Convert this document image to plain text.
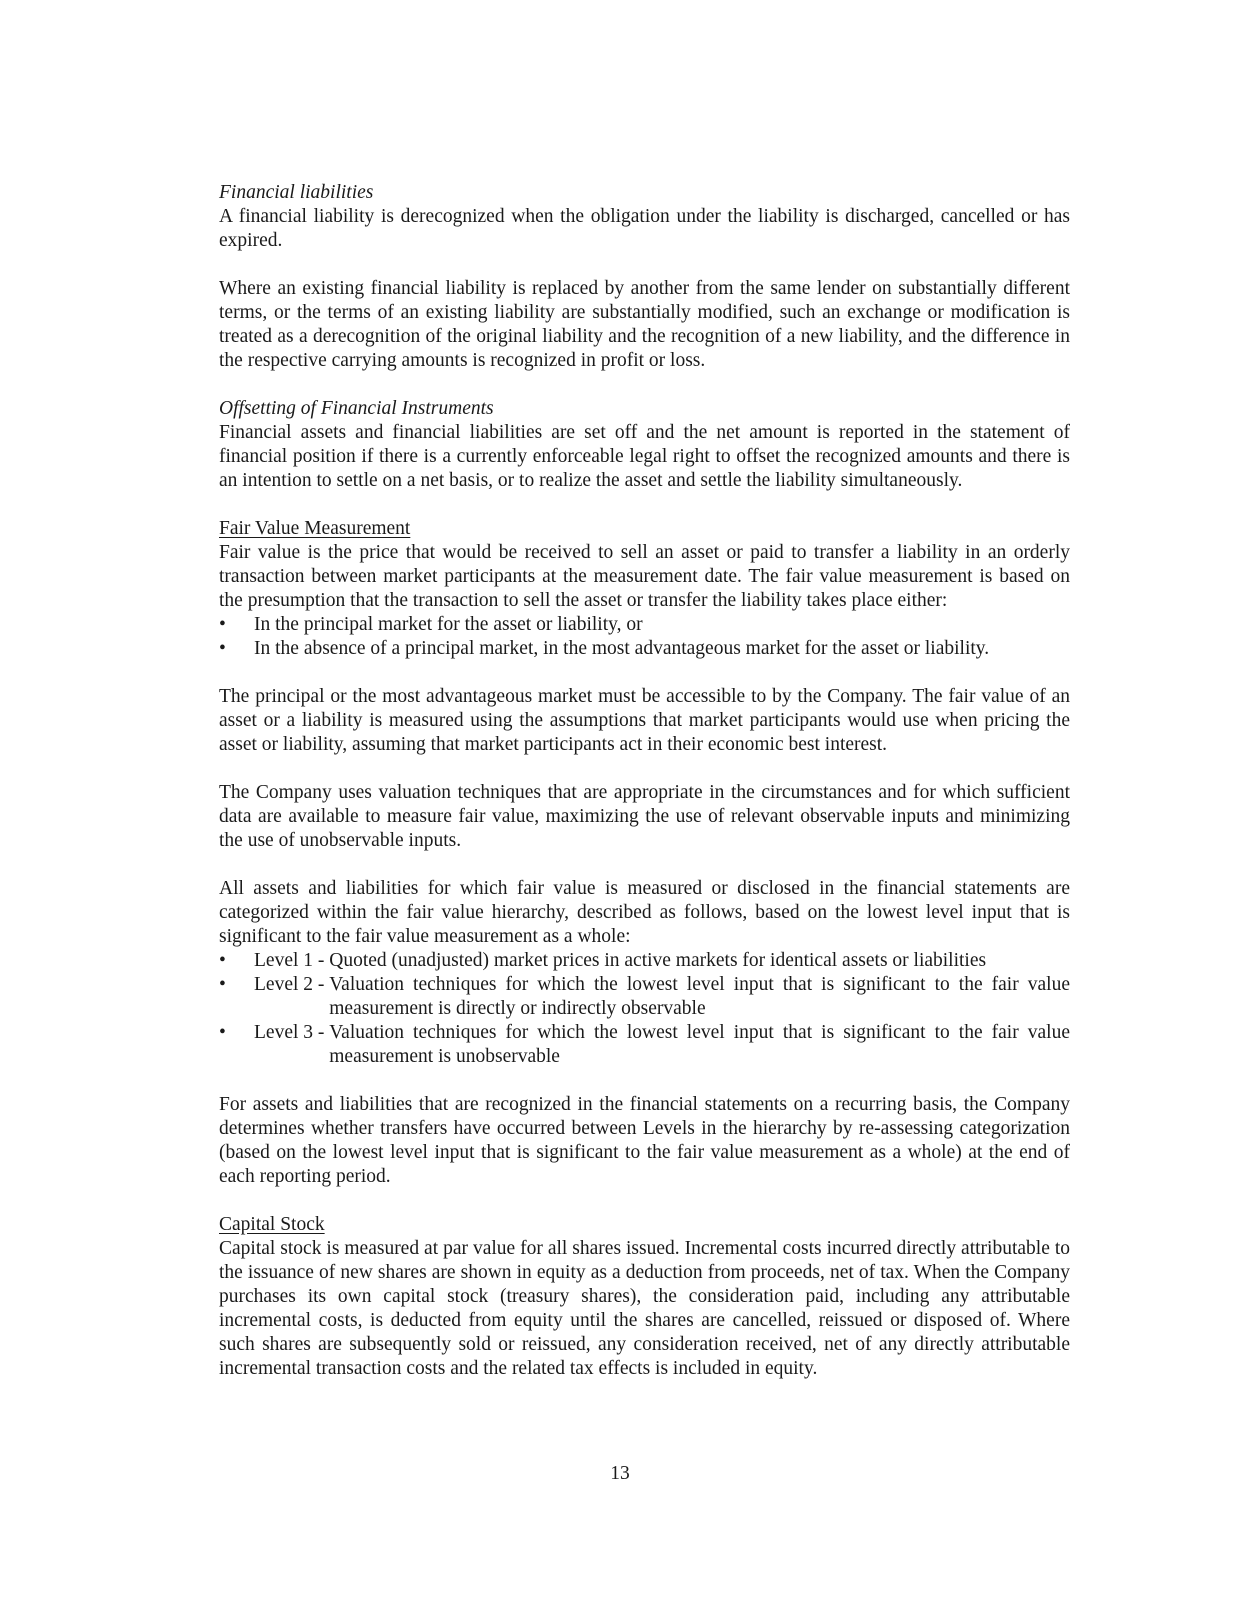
Financial liabilities

A financial liability is derecognized when the obligation under the liability is discharged, cancelled or has expired.

Where an existing financial liability is replaced by another from the same lender on substantially different terms, or the terms of an existing liability are substantially modified, such an exchange or modification is treated as a derecognition of the original liability and the recognition of a new liability, and the difference in the respective carrying amounts is recognized in profit or loss.

Offsetting of Financial Instruments

Financial assets and financial liabilities are set off and the net amount is reported in the statement of financial position if there is a currently enforceable legal right to offset the recognized amounts and there is an intention to settle on a net basis, or to realize the asset and settle the liability simultaneously.

Fair Value Measurement

Fair value is the price that would be received to sell an asset or paid to transfer a liability in an orderly transaction between market participants at the measurement date. The fair value measurement is based on the presumption that the transaction to sell the asset or transfer the liability takes place either:

•	In the principal market for the asset or liability, or
•	In the absence of a principal market, in the most advantageous market for the asset or liability.

The principal or the most advantageous market must be accessible to by the Company. The fair value of an asset or a liability is measured using the assumptions that market participants would use when pricing the asset or liability, assuming that market participants act in their economic best interest.

The Company uses valuation techniques that are appropriate in the circumstances and for which sufficient data are available to measure fair value, maximizing the use of relevant observable inputs and minimizing the use of unobservable inputs.

All assets and liabilities for which fair value is measured or disclosed in the financial statements are categorized within the fair value hierarchy, described as follows, based on the lowest level input that is significant to the fair value measurement as a whole:

•	Level 1 - Quoted (unadjusted) market prices in active markets for identical assets or liabilities
•	Level 2 - Valuation techniques for which the lowest level input that is significant to the fair value measurement is directly or indirectly observable
•	Level 3 - Valuation techniques for which the lowest level input that is significant to the fair value measurement is unobservable

For assets and liabilities that are recognized in the financial statements on a recurring basis, the Company determines whether transfers have occurred between Levels in the hierarchy by re-assessing categorization (based on the lowest level input that is significant to the fair value measurement as a whole) at the end of each reporting period.

Capital Stock

Capital stock is measured at par value for all shares issued. Incremental costs incurred directly attributable to the issuance of new shares are shown in equity as a deduction from proceeds, net of tax. When the Company purchases its own capital stock (treasury shares), the consideration paid, including any attributable incremental costs, is deducted from equity until the shares are cancelled, reissued or disposed of. Where such shares are subsequently sold or reissued, any consideration received, net of any directly attributable incremental transaction costs and the related tax effects is included in equity.

13
